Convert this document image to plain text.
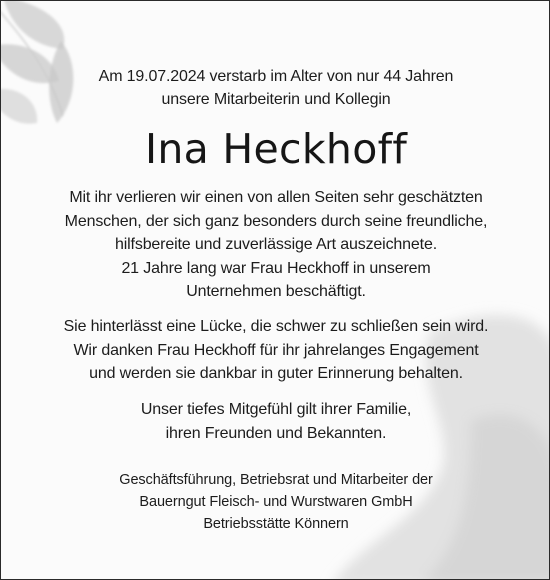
Am 19.07.2024 verstarb im Alter von nur 44 Jahren
unsere Mitarbeiterin und Kollegin
Ina Heckhoff
Mit ihr verlieren wir einen von allen Seiten sehr geschätzten
Menschen, der sich ganz besonders durch seine freundliche,
hilfsbereite und zuverlässige Art auszeichnete.
21 Jahre lang war Frau Heckhoff in unserem
Unternehmen beschäftigt.
Sie hinterlässt eine Lücke, die schwer zu schließen sein wird.
Wir danken Frau Heckhoff für ihr jahrelanges Engagement
und werden sie dankbar in guter Erinnerung behalten.
Unser tiefes Mitgefühl gilt ihrer Familie,
ihren Freunden und Bekannten.
Geschäftsführung, Betriebsrat und Mitarbeiter der
Bauerngut Fleisch- und Wurstwaren GmbH
Betriebsstätte Könnern
